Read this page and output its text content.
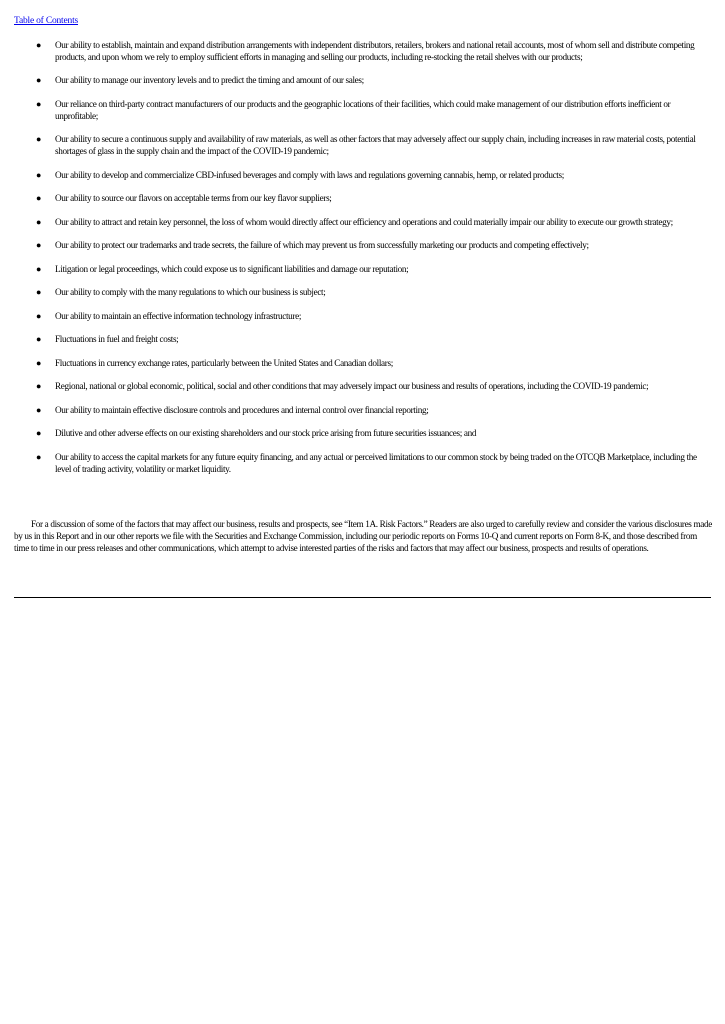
Table of Contents
● Our ability to establish, maintain and expand distribution arrangements with independent distributors, retailers, brokers and national retail accounts, most of whom sell and distribute competing products, and upon whom we rely to employ sufficient efforts in managing and selling our products, including re-stocking the retail shelves with our products;
● Our ability to manage our inventory levels and to predict the timing and amount of our sales;
● Our reliance on third-party contract manufacturers of our products and the geographic locations of their facilities, which could make management of our distribution efforts inefficient or unprofitable;
● Our ability to secure a continuous supply and availability of raw materials, as well as other factors that may adversely affect our supply chain, including increases in raw material costs, potential shortages of glass in the supply chain and the impact of the COVID-19 pandemic;
● Our ability to develop and commercialize CBD-infused beverages and comply with laws and regulations governing cannabis, hemp, or related products;
● Our ability to source our flavors on acceptable terms from our key flavor suppliers;
● Our ability to attract and retain key personnel, the loss of whom would directly affect our efficiency and operations and could materially impair our ability to execute our growth strategy;
● Our ability to protect our trademarks and trade secrets, the failure of which may prevent us from successfully marketing our products and competing effectively;
● Litigation or legal proceedings, which could expose us to significant liabilities and damage our reputation;
● Our ability to comply with the many regulations to which our business is subject;
● Our ability to maintain an effective information technology infrastructure;
● Fluctuations in fuel and freight costs;
● Fluctuations in currency exchange rates, particularly between the United States and Canadian dollars;
● Regional, national or global economic, political, social and other conditions that may adversely impact our business and results of operations, including the COVID-19 pandemic;
● Our ability to maintain effective disclosure controls and procedures and internal control over financial reporting;
● Dilutive and other adverse effects on our existing shareholders and our stock price arising from future securities issuances; and
● Our ability to access the capital markets for any future equity financing, and any actual or perceived limitations to our common stock by being traded on the OTCQB Marketplace, including the level of trading activity, volatility or market liquidity.

For a discussion of some of the factors that may affect our business, results and prospects, see “Item 1A. Risk Factors.” Readers are also urged to carefully review and consider the various disclosures made by us in this Report and in our other reports we file with the Securities and Exchange Commission, including our periodic reports on Forms 10-Q and current reports on Form 8-K, and those described from time to time in our press releases and other communications, which attempt to advise interested parties of the risks and factors that may affect our business, prospects and results of operations.
